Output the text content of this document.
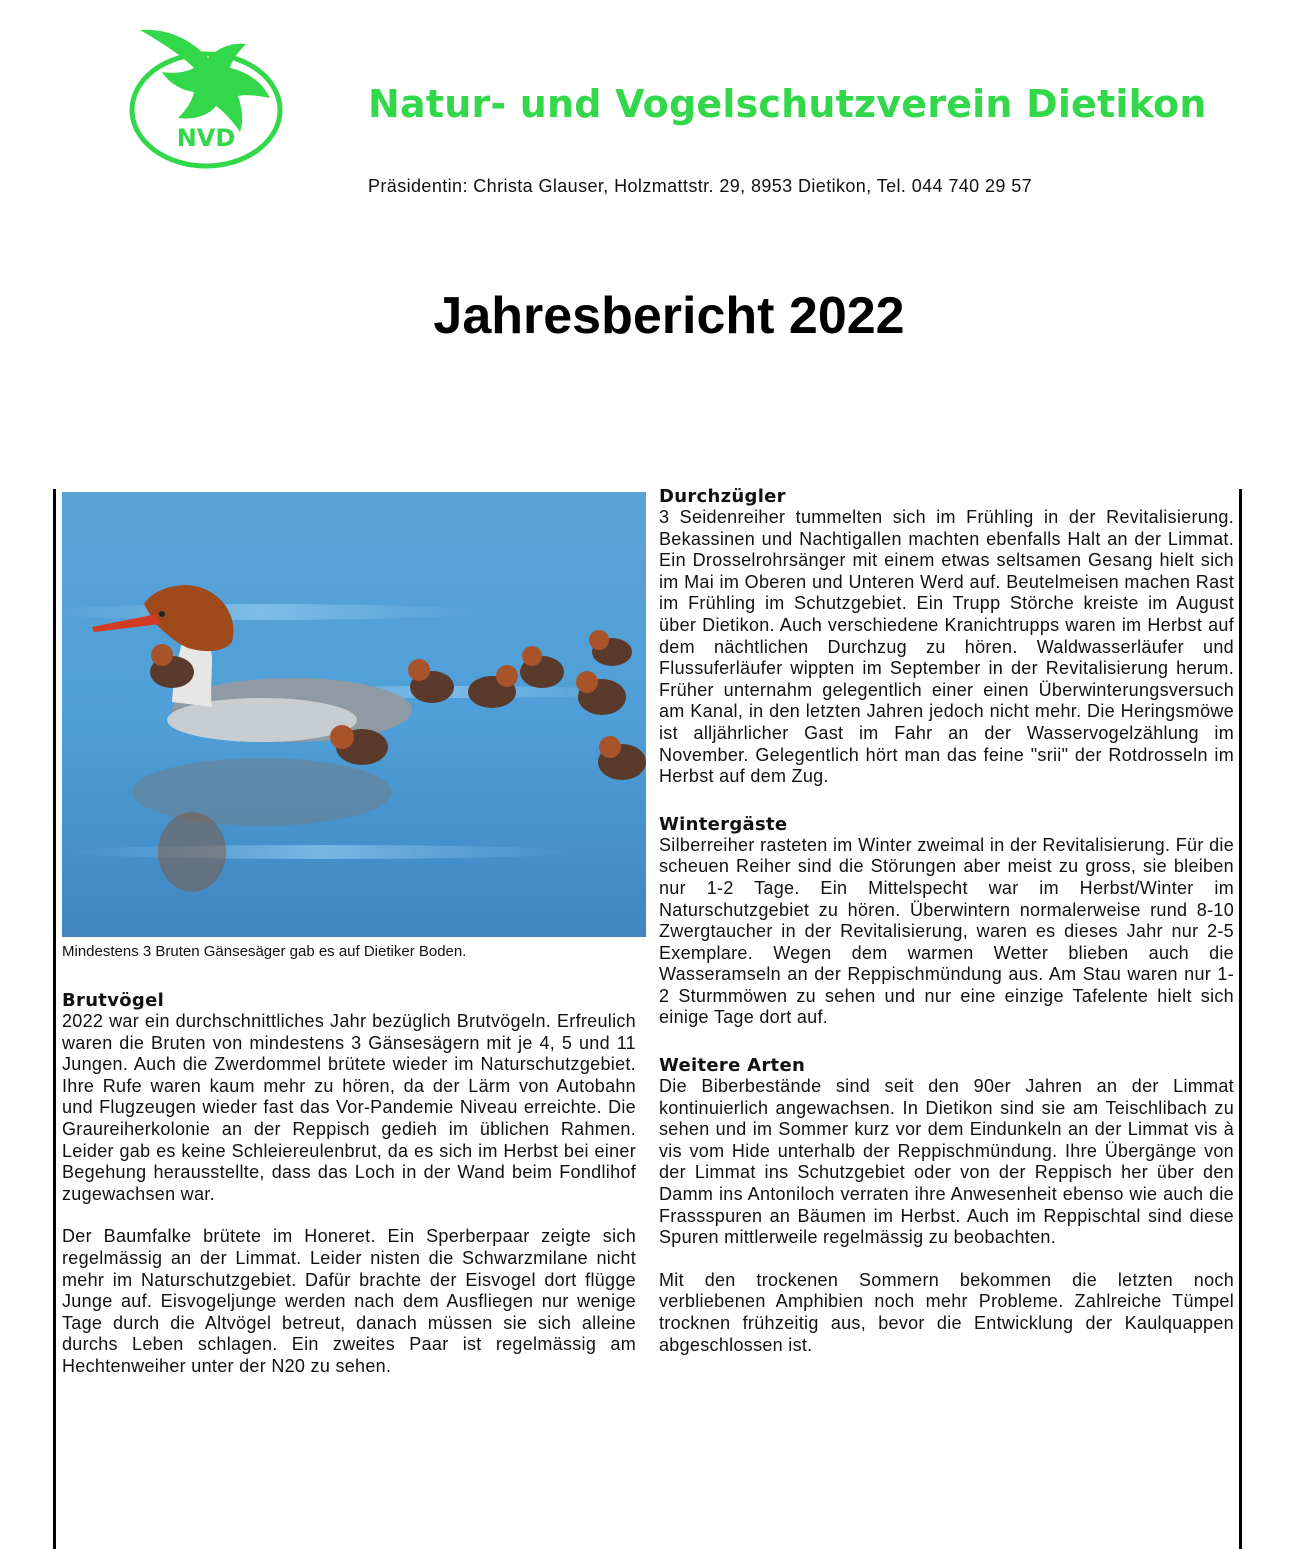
NVD
Natur- und Vogelschutzverein Dietikon
Präsidentin: Christa Glauser, Holzmattstr. 29, 8953 Dietikon, Tel. 044 740 29 57
Jahresbericht 2022
Mindestens 3 Bruten Gänsesäger gab es auf Dietiker Boden.
Brutvögel

2022 war ein durchschnittliches Jahr bezüglich Brutvögeln. Erfreulich waren die Bruten von mindestens 3 Gänsesägern mit je 4, 5 und 11 Jungen. Auch die Zwerdommel brütete wieder im Naturschutzgebiet. Ihre Rufe waren kaum mehr zu hören, da der Lärm von Autobahn und Flugzeugen wieder fast das Vor-Pandemie Niveau erreichte. Die Graureiherkolonie an der Reppisch gedieh im üblichen Rahmen. Leider gab es keine Schleiereulenbrut, da es sich im Herbst bei einer Begehung herausstellte, dass das Loch in der Wand beim Fondlihof zugewachsen war.

Der Baumfalke brütete im Honeret. Ein Sperberpaar zeigte sich regelmässig an der Limmat. Leider nisten die Schwarzmilane nicht mehr im Naturschutzgebiet. Dafür brachte der Eisvogel dort flügge Junge auf. Eisvogeljunge werden nach dem Ausfliegen nur wenige Tage durch die Altvögel betreut, danach müssen sie sich alleine durchs Leben schlagen. Ein zweites Paar ist regelmässig am Hechtenweiher unter der N20 zu sehen.

Durchzügler

3 Seidenreiher tummelten sich im Frühling in der Revitalisierung. Bekassinen und Nachtigallen machten ebenfalls Halt an der Limmat. Ein Drosselrohrsänger mit einem etwas seltsamen Gesang hielt sich im Mai im Oberen und Unteren Werd auf. Beutelmeisen machen Rast im Frühling im Schutzgebiet. Ein Trupp Störche kreiste im August über Dietikon. Auch verschiedene Kranichtrupps waren im Herbst auf dem nächtlichen Durchzug zu hören. Waldwasserläufer und Flussuferläufer wippten im September in der Revitalisierung herum. Früher unternahm gelegentlich einer einen Überwinterungsversuch am Kanal, in den letzten Jahren jedoch nicht mehr. Die Heringsmöwe ist alljährlicher Gast im Fahr an der Wasservogelzählung im November. Gelegentlich hört man das feine "srii" der Rotdrosseln im Herbst auf dem Zug.

Wintergäste

Silberreiher rasteten im Winter zweimal in der Revitalisierung. Für die scheuen Reiher sind die Störungen aber meist zu gross, sie bleiben nur 1-2 Tage. Ein Mittelspecht war im Herbst/Winter im Naturschutzgebiet zu hören. Überwintern normalerweise rund 8-10 Zwergtaucher in der Revitalisierung, waren es dieses Jahr nur 2-5 Exemplare. Wegen dem warmen Wetter blieben auch die Wasseramseln an der Reppischmündung aus. Am Stau waren nur 1-2 Sturmmöwen zu sehen und nur eine einzige Tafelente hielt sich einige Tage dort auf.

Weitere Arten

Die Biberbestände sind seit den 90er Jahren an der Limmat kontinuierlich angewachsen. In Dietikon sind sie am Teischlibach zu sehen und im Sommer kurz vor dem Eindunkeln an der Limmat vis à vis vom Hide unterhalb der Reppischmündung. Ihre Übergänge von der Limmat ins Schutzgebiet oder von der Reppisch her über den Damm ins Antoniloch verraten ihre Anwesenheit ebenso wie auch die Frassspuren an Bäumen im Herbst. Auch im Reppischtal sind diese Spuren mittlerweile regelmässig zu beobachten.

Mit den trockenen Sommern bekommen die letzten noch verbliebenen Amphibien noch mehr Probleme. Zahlreiche Tümpel trocknen frühzeitig aus, bevor die Entwicklung der Kaulquappen abgeschlossen ist.
